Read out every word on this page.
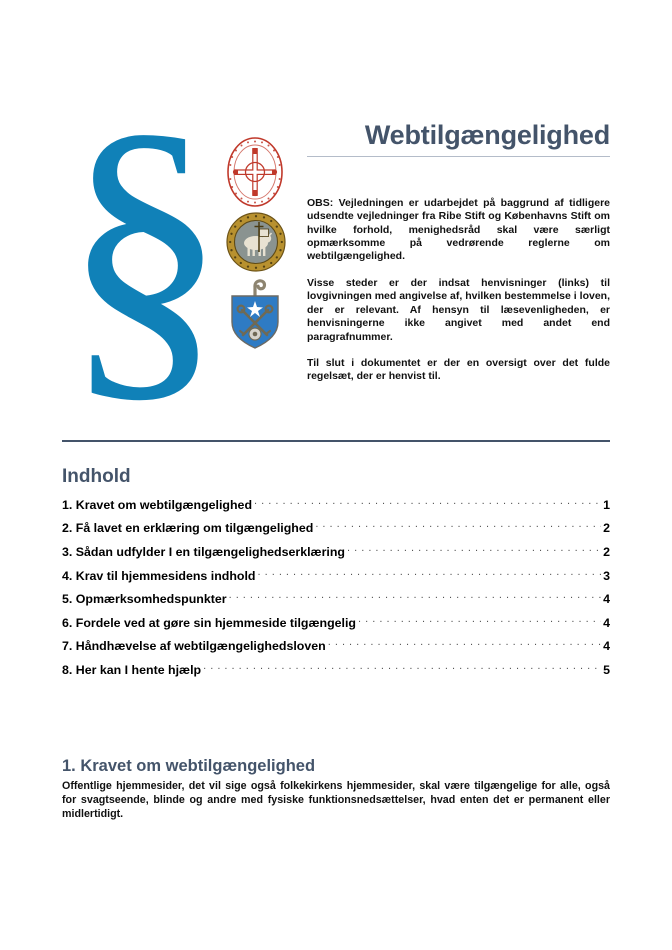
§	Webtilgængelighed

OBS: Vejledningen er udarbejdet på baggrund af tidligere udsendte vejledninger fra Ribe Stift og Københavns Stift om hvilke forhold, menighedsråd skal være særligt opmærksomme på vedrørende reglerne om webtilgængelighed.

Visse steder er der indsat henvisninger (links) til lovgivningen med angivelse af, hvilken bestemmelse i loven, der er relevant. Af hensyn til læsevenligheden, er henvisningerne ikke angivet med andet end paragrafnummer.

Til slut i dokumentet er der en oversigt over det fulde regelsæt, der er henvist til.

Indhold
1. Kravet om webtilgængelighed . . .	1
2. Få lavet en erklæring om tilgængelighed . . .	2
3. Sådan udfylder I en tilgængelighedserklæring . . .	2
4. Krav til hjemmesidens indhold . . .	3
5. Opmærksomhedspunkter . . .	4
6. Fordele ved at gøre sin hjemmeside tilgængelig . . .	4
7. Håndhævelse af webtilgængelighedsloven . . .	4
8. Her kan I hente hjælp . . .	5
1. Kravet om webtilgængelighed

Offentlige hjemmesider, det vil sige også folkekirkens hjemmesider, skal være tilgængelige for alle, også for svagtseende, blinde og andre med fysiske funktionsnedsættelser, hvad enten det er permanent eller midlertidigt.
